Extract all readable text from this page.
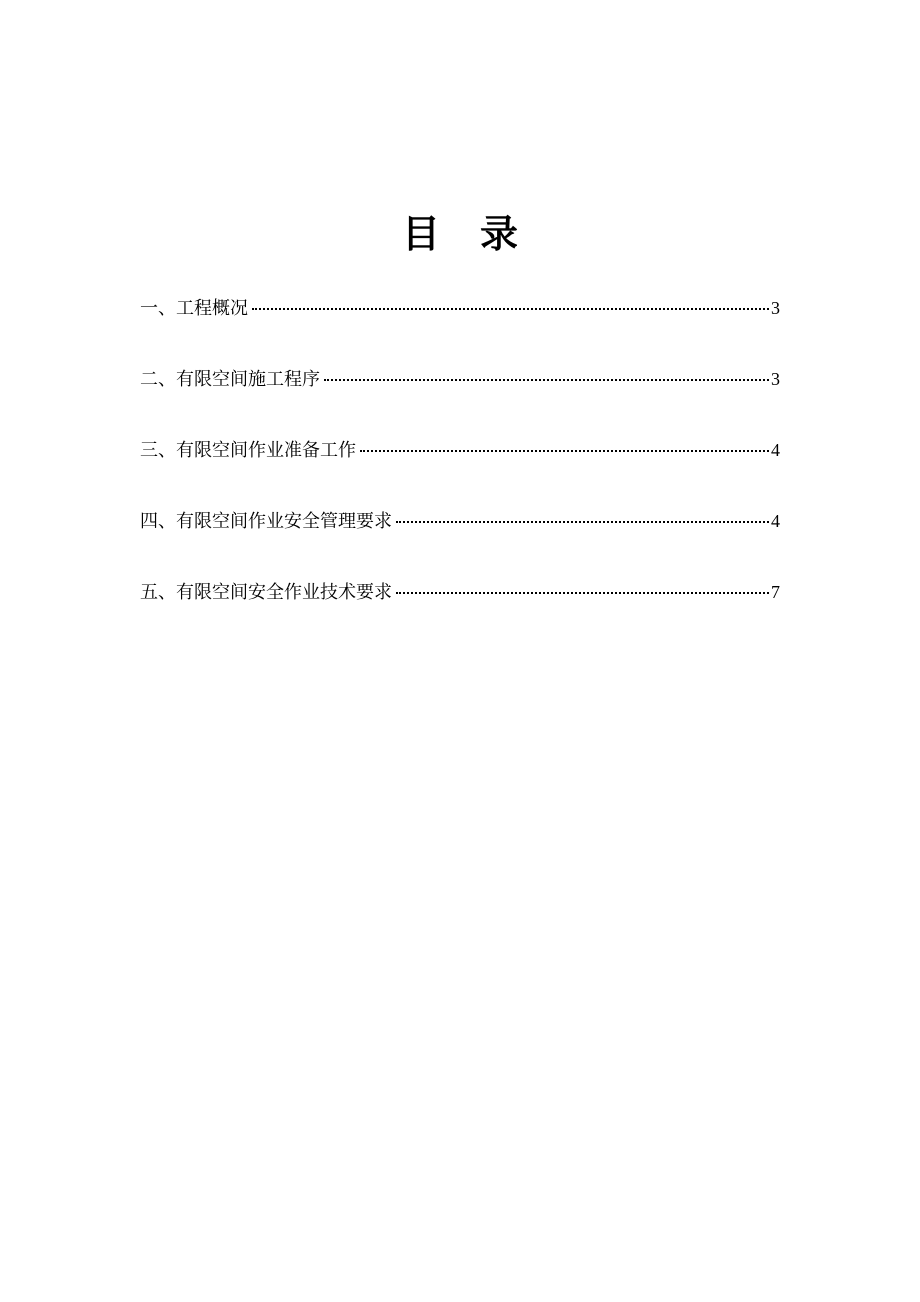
目 录
一、工程概况	3
二、有限空间施工程序	3
三、有限空间作业准备工作	4
四、有限空间作业安全管理要求	4
五、有限空间安全作业技术要求	7
